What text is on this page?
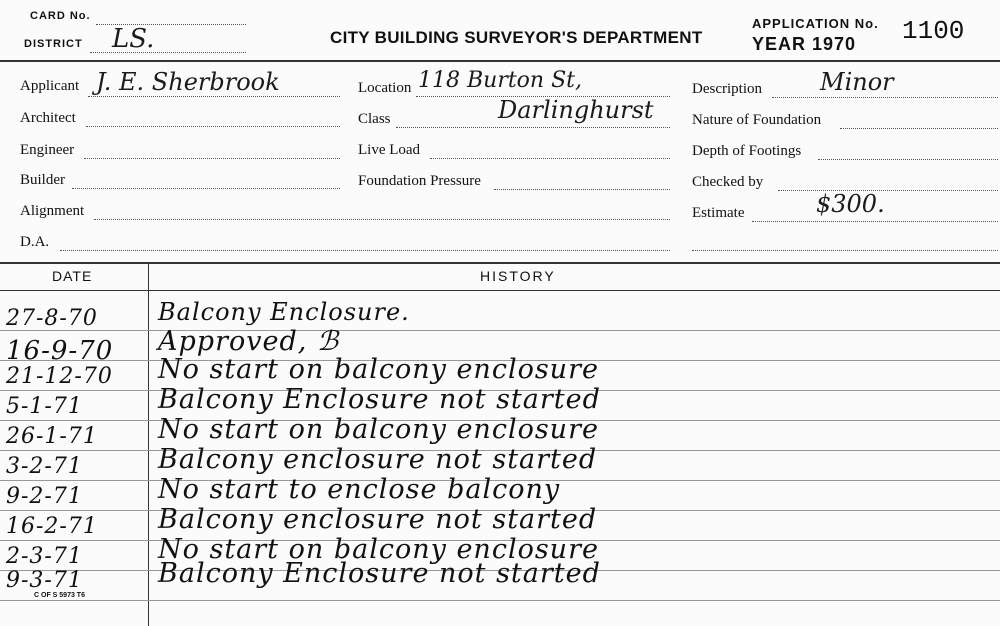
CARD No.
DISTRICT LS.	CITY BUILDING SURVEYOR'S DEPARTMENT
APPLICATION No. 1100
YEAR 1970
Applicant J. E. Sherbrook
Architect
Engineer
Builder
Alignment
D.A.
Location 118 Burton St,
Class	Darlinghurst
Live Load
Foundation Pressure
Description Minor
Nature of Foundation
Depth of Footings
Checked by
Estimate	$300.
DATE	HISTORY
27-8-70	Balcony Enclosure.
16-9-70	Approved, ℬ
21-12-70	No start on balcony enclosure
5-1-71	Balcony Enclosure not started
26-1-71	No start on balcony enclosure
3-2-71	Balcony enclosure not started
9-2-71	No start to enclose balcony
16-2-71	Balcony enclosure not started
2-3-71	No start on balcony enclosure
9-3-71	Balcony Enclosure not started
C OF S 5973 T6
